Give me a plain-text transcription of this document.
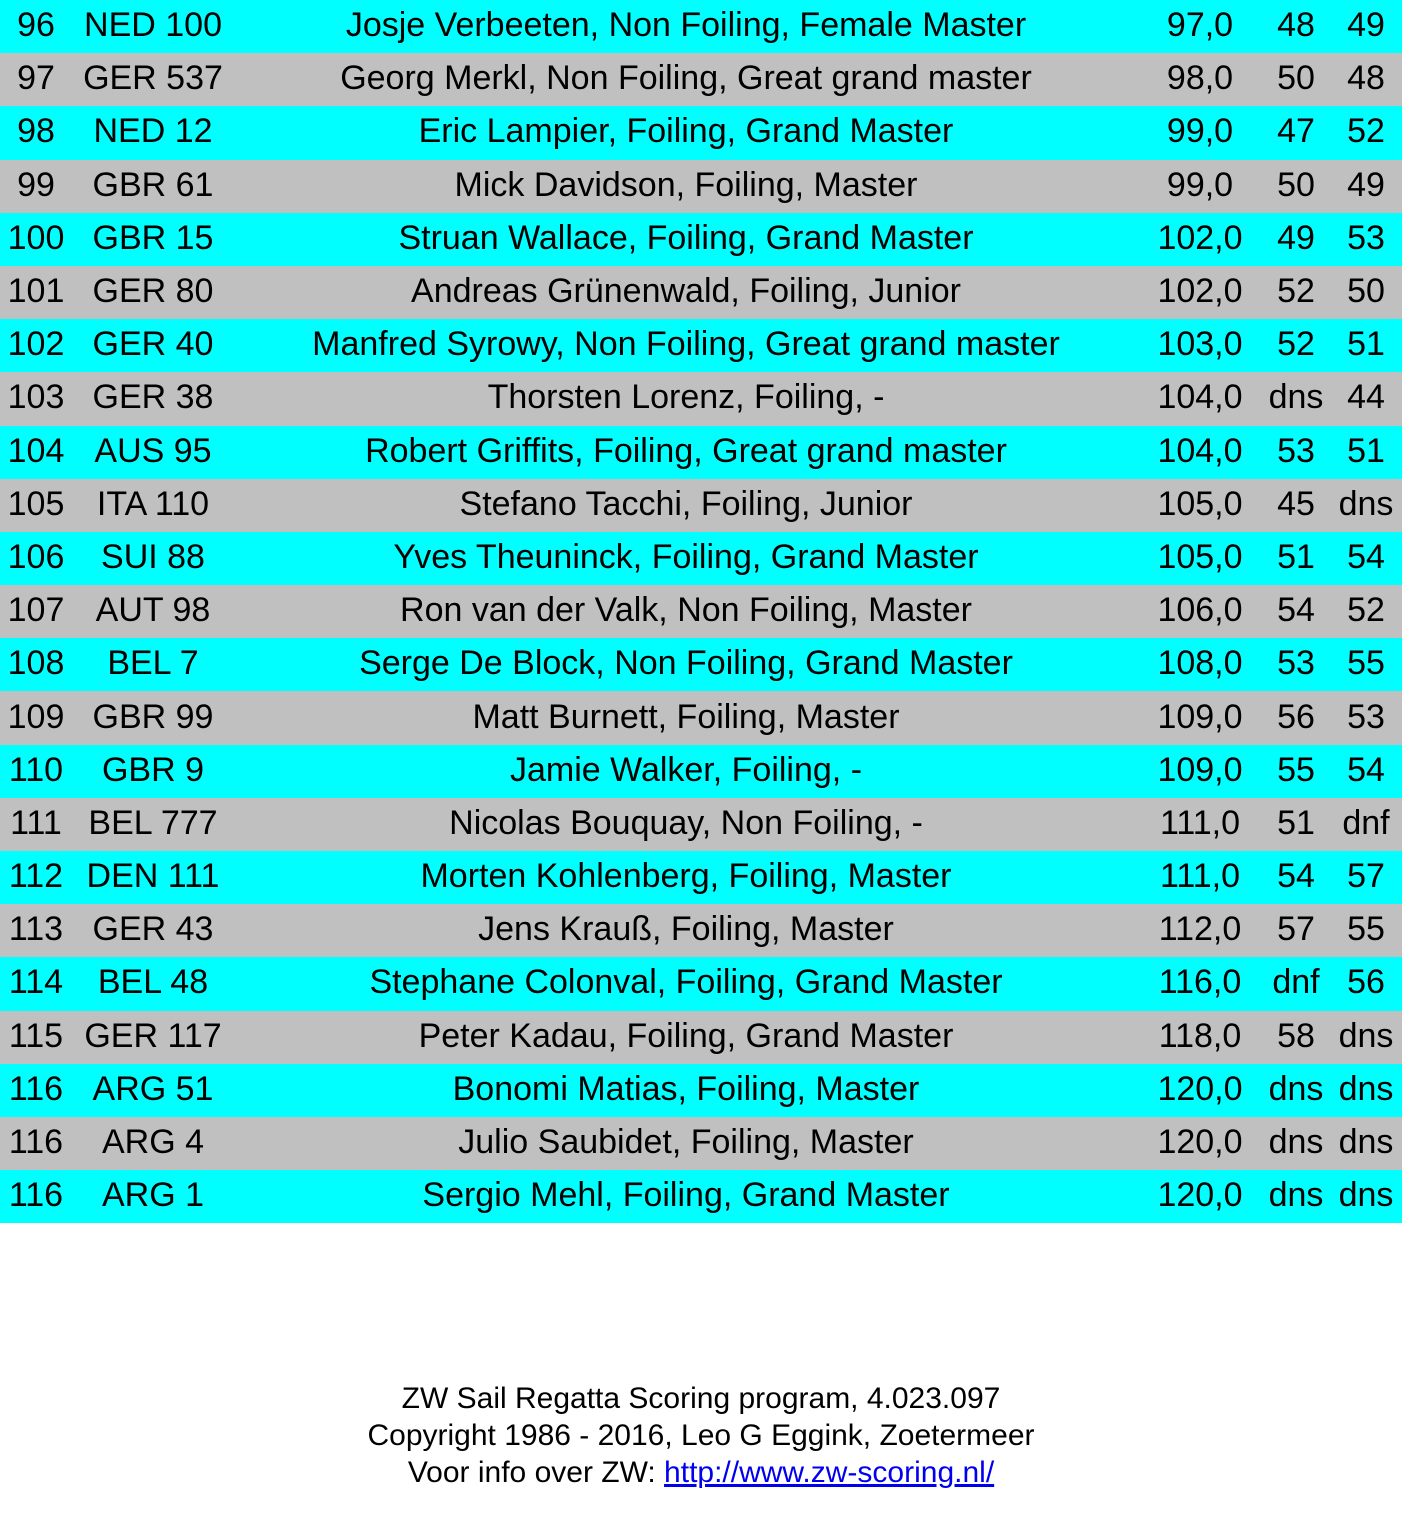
96 NED 100	Josje Verbeeten, Non Foiling, Female Master	97,0	48 49
97 GER 537	Georg Merkl, Non Foiling, Great grand master	98,0	50 48
98	NED 12	Eric Lampier, Foiling, Grand Master	99,0	47 52
99	GBR 61	Mick Davidson, Foiling, Master	99,0	50 49
100 GBR 15	Struan Wallace, Foiling, Grand Master	102,0	49 53
101 GER 80	Andreas Grünenwald, Foiling, Junior	102,0	52 50
102 GER 40	Manfred Syrowy, Non Foiling, Great grand master	103,0	52 51
103 GER 38	Thorsten Lorenz, Foiling, -	104,0 dns 44
104 AUS 95	Robert Griffits, Foiling, Great grand master	104,0	53 51
105 ITA 110	Stefano Tacchi, Foiling, Junior	105,0	45 dns
106	SUI 88	Yves Theuninck, Foiling, Grand Master	105,0	51 54
107 AUT 98	Ron van der Valk, Non Foiling, Master	106,0	54 52
108	BEL 7	Serge De Block, Non Foiling, Grand Master	108,0	53 55
109 GBR 99	Matt Burnett, Foiling, Master	109,0	56 53
110	GBR 9	Jamie Walker, Foiling, -	109,0	55 54
111 BEL 777	Nicolas Bouquay, Non Foiling, -	111,0	51 dnf
112 DEN 111	Morten Kohlenberg, Foiling, Master	111,0	54 57
113 GER 43	Jens Krauß, Foiling, Master	112,0	57 55
114	BEL 48	Stephane Colonval, Foiling, Grand Master	116,0 dnf 56
115 GER 117	Peter Kadau, Foiling, Grand Master	118,0	58 dns
116 ARG 51	Bonomi Matias, Foiling, Master	120,0 dns dns
116	ARG 4	Julio Saubidet, Foiling, Master	120,0 dns dns
116	ARG 1	Sergio Mehl, Foiling, Grand Master	120,0 dns dns
ZW Sail Regatta Scoring program, 4.023.097
Copyright 1986 - 2016, Leo G Eggink, Zoetermeer
Voor info over ZW: http://www.zw-scoring.nl/
